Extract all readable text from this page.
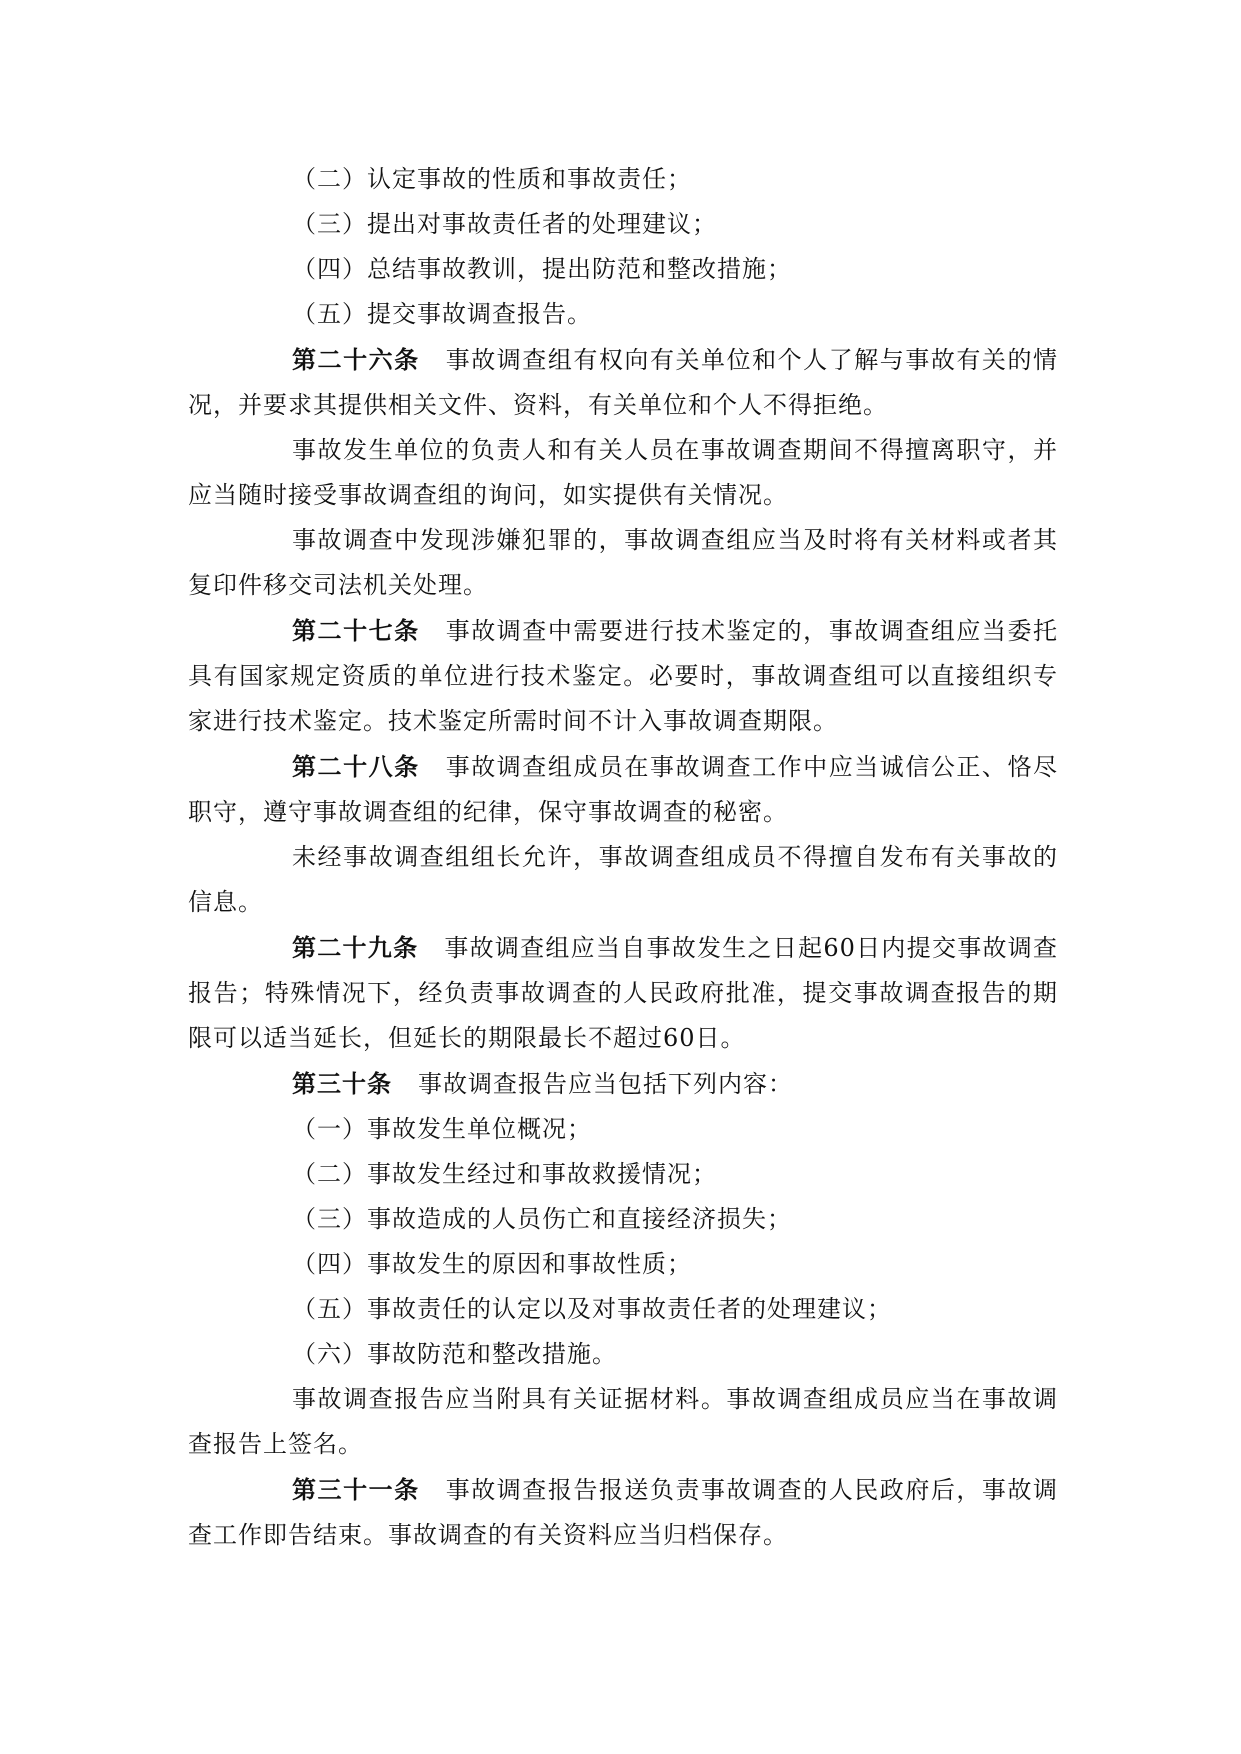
（二）认定事故的性质和事故责任；

（三）提出对事故责任者的处理建议；

（四）总结事故教训，提出防范和整改措施；

（五）提交事故调查报告。

第二十六条 事故调查组有权向有关单位和个人了解与事故有关的情况，并要求其提供相关文件、资料，有关单位和个人不得拒绝。

事故发生单位的负责人和有关人员在事故调查期间不得擅离职守，并应当随时接受事故调查组的询问，如实提供有关情况。

事故调查中发现涉嫌犯罪的，事故调查组应当及时将有关材料或者其复印件移交司法机关处理。

第二十七条 事故调查中需要进行技术鉴定的，事故调查组应当委托具有国家规定资质的单位进行技术鉴定。必要时，事故调查组可以直接组织专家进行技术鉴定。技术鉴定所需时间不计入事故调查期限。

第二十八条 事故调查组成员在事故调查工作中应当诚信公正、恪尽职守，遵守事故调查组的纪律，保守事故调查的秘密。

未经事故调查组组长允许，事故调查组成员不得擅自发布有关事故的信息。

第二十九条 事故调查组应当自事故发生之日起60日内提交事故调查报告；特殊情况下，经负责事故调查的人民政府批准，提交事故调查报告的期限可以适当延长，但延长的期限最长不超过60日。

第三十条 事故调查报告应当包括下列内容：

（一）事故发生单位概况；

（二）事故发生经过和事故救援情况；

（三）事故造成的人员伤亡和直接经济损失；

（四）事故发生的原因和事故性质；

（五）事故责任的认定以及对事故责任者的处理建议；

（六）事故防范和整改措施。

事故调查报告应当附具有关证据材料。事故调查组成员应当在事故调查报告上签名。

第三十一条 事故调查报告报送负责事故调查的人民政府后，事故调查工作即告结束。事故调查的有关资料应当归档保存。
